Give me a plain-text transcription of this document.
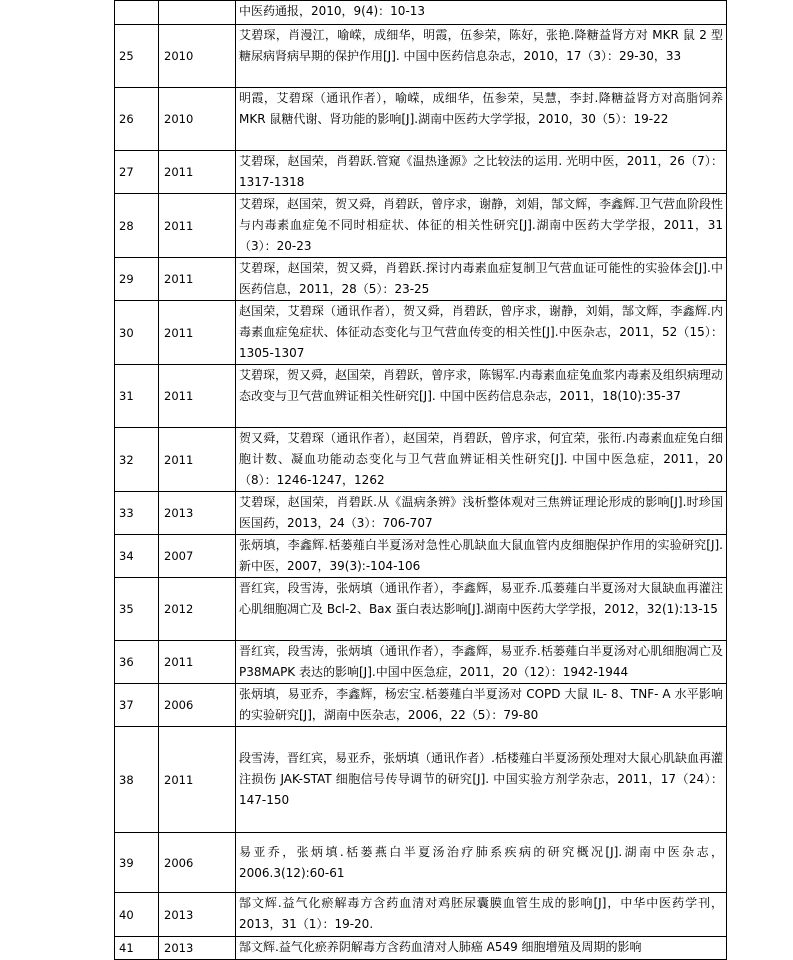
		中医药通报，2010，9(4)：10-13
25	2010	艾碧琛，肖漫江，喻嵘，成细华，明霞，伍参荣，陈好，张艳.降糖益肾方对 MKR 鼠 2 型糖尿病肾病早期的保护作用[J]. 中国中医药信息杂志，2010，17（3）：29-30，33
26	2010	明霞，艾碧琛（通讯作者），喻嵘，成细华，伍参荣，吴慧，李封.降糖益肾方对高脂饲养 MKR 鼠糖代谢、肾功能的影响[J].湖南中医药大学学报，2010，30（5）：19-22
27	2011	艾碧琛，赵国荣，肖碧跃.管窥《温热逢源》之比较法的运用. 光明中医，2011，26（7）：1317-1318
28	2011	艾碧琛，赵国荣，贺又舜，肖碧跃，曾序求，谢静，刘娟，郜文辉，李鑫辉.卫气营血阶段性与内毒素血症兔不同时相症状、体征的相关性研究[J].湖南中医药大学学报，2011，31（3）：20-23
29	2011	艾碧琛，赵国荣，贺又舜，肖碧跃.探讨内毒素血症复制卫气营血证可能性的实验体会[J].中医药信息，2011，28（5）：23-25
30	2011	赵国荣，艾碧琛（通讯作者），贺又舜，肖碧跃，曾序求，谢静，刘娟，郜文辉，李鑫辉.内毒素血症兔症状、体征动态变化与卫气营血传变的相关性[J].中医杂志，2011，52（15）：1305-1307
31	2011	艾碧琛，贺又舜，赵国荣，肖碧跃，曾序求，陈锡军.内毒素血症兔血浆内毒素及组织病理动态改变与卫气营血辨证相关性研究[J]. 中国中医药信息杂志，2011，18(10):35-37
32	2011	贺又舜，艾碧琛（通讯作者），赵国荣，肖碧跃，曾序求，何宜荣，张衎.内毒素血症兔白细胞计数、凝血功能动态变化与卫气营血辨证相关性研究[J]. 中国中医急症，2011，20（8）：1246-1247，1262
33	2013	艾碧琛，赵国荣，肖碧跃.从《温病条辨》浅析整体观对三焦辨证理论形成的影响[J].时珍国医国药，2013，24（3）：706-707
34	2007	张炳填，李鑫辉.栝蒌薤白半夏汤对急性心肌缺血大鼠血管内皮细胞保护作用的实验研究[J].新中医，2007，39(3):-104-106
35	2012	晋红宾，段雪涛，张炳填（通讯作者），李鑫辉，易亚乔.瓜蒌薤白半夏汤对大鼠缺血再灌注心肌细胞凋亡及 Bcl-2、Bax 蛋白表达影响[J].湖南中医药大学学报，2012，32(1):13-15
36	2011	晋红宾，段雪涛，张炳填（通讯作者），李鑫辉，易亚乔.栝蒌薤白半夏汤对心肌细胞凋亡及 P38MAPK 表达的影响[J].中国中医急症，2011，20（12）：1942-1944
37	2006	张炳填，易亚乔，李鑫辉，杨宏宝.栝蒌薤白半夏汤对 COPD 大鼠 IL- 8、TNF- A 水平影响的实验研究[J]，湖南中医杂志，2006，22（5）：79-80
38	2011	段雪涛，晋红宾，易亚乔，张炳填（通讯作者）.栝楼薤白半夏汤预处理对大鼠心肌缺血再灌注损伤 JAK-STAT 细胞信号传导调节的研究[J]. 中国实验方剂学杂志，2011，17（24）：147-150
39	2006	易亚乔，张炳填.栝蒌燕白半夏汤治疗肺系疾病的研究概况[J].湖南中医杂志，2006.3(12):60-61
40	2013	郜文辉.益气化瘀解毒方含药血清对鸡胚尿囊膜血管生成的影响[J]，中华中医药学刊，2013，31（1）：19-20.
41	2013	郜文辉.益气化瘀养阴解毒方含药血清对人肺癌 A549 细胞增殖及周期的影响
